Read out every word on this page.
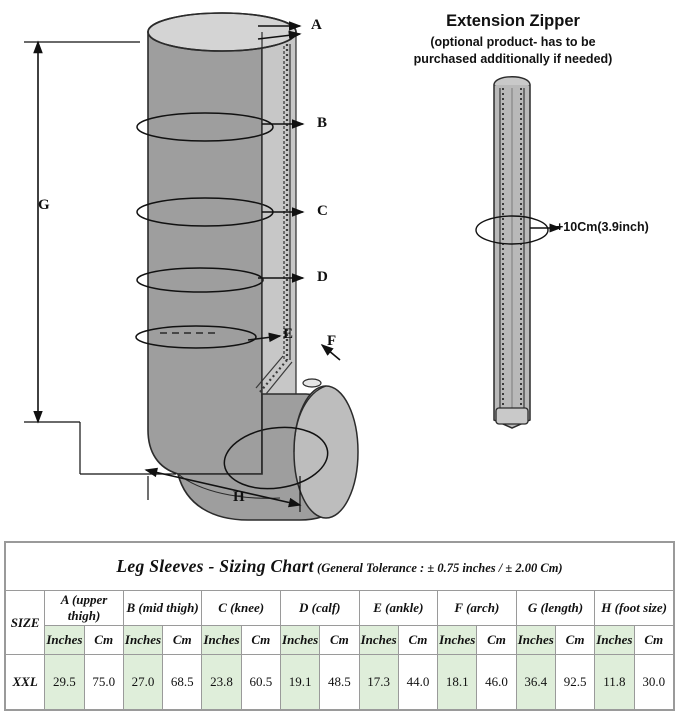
A
B
C
D
E F
G
H
Extension Zipper
(optional product- has to be
purchased additionally if needed)
+10Cm(3.9inch)
Leg Sleeves - Sizing Chart (General Tolerance : ± 0.75 inches / ± 2.00 Cm)																
SIZE	A (upper thigh)		B (mid thigh)		C (knee)		D (calf)		E (ankle)		F (arch)		G (length)		H (foot size)	
	Inches	Cm	Inches	Cm	Inches	Cm	Inches	Cm	Inches	Cm	Inches	Cm	Inches	Cm	Inches	Cm
XXL	29.5	75.0	27.0	68.5	23.8	60.5	19.1	48.5	17.3	44.0	18.1	46.0	36.4	92.5	11.8	30.0
